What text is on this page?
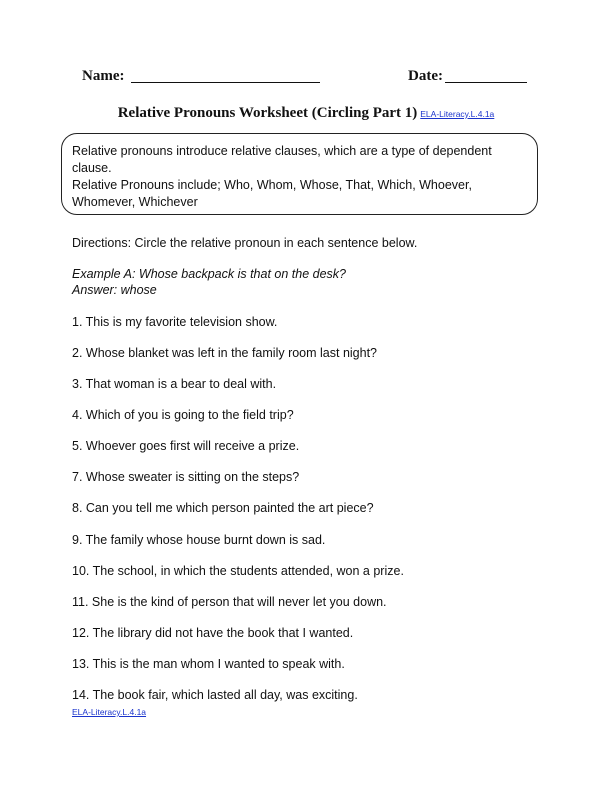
Name:	Date:
Relative Pronouns Worksheet (Circling Part 1) ELA-Literacy.L.4.1a
Relative pronouns introduce relative clauses, which are a type of dependent
clause.
Relative Pronouns include; Who, Whom, Whose, That, Which, Whoever,
Whomever, Whichever
Directions: Circle the relative pronoun in each sentence below.
Example A: Whose backpack is that on the desk?
Answer: whose
1. This is my favorite television show.
2. Whose blanket was left in the family room last night?
3. That woman is a bear to deal with.
4. Which of you is going to the field trip?
5. Whoever goes first will receive a prize.
7. Whose sweater is sitting on the steps?
8. Can you tell me which person painted the art piece?
9. The family whose house burnt down is sad.
10. The school, in which the students attended, won a prize.
11. She is the kind of person that will never let you down.
12. The library did not have the book that I wanted.
13. This is the man whom I wanted to speak with.
14. The book fair, which lasted all day, was exciting.
ELA-Literacy.L.4.1a
